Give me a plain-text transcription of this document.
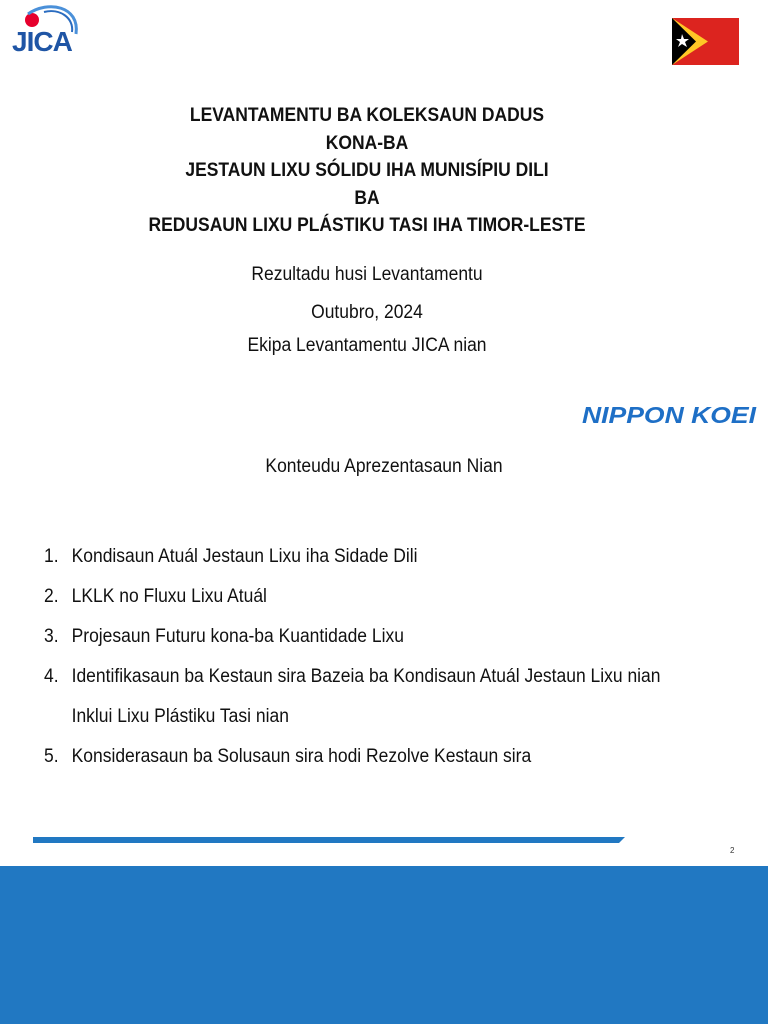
JICA
LEVANTAMENTU BA KOLEKSAUN DADUS
KONA-BA
JESTAUN LIXU SÓLIDU IHA MUNISÍPIU DILI
BA
REDUSAUN LIXU PLÁSTIKU TASI IHA TIMOR-LESTE
Rezultadu husi Levantamentu
Outubro, 2024
Ekipa Levantamentu JICA nian
NIPPON KOEI
Konteudu Aprezentasaun Nian
1. Kondisaun Atuál Jestaun Lixu iha Sidade Dili
2. LKLK no Fluxu Lixu Atuál
3. Projesaun Futuru kona-ba Kuantidade Lixu
4. Identifikasaun ba Kestaun sira Bazeia ba Kondisaun Atuál Jestaun Lixu nian
Inklui Lixu Plástiku Tasi nian
5. Konsiderasaun ba Solusaun sira hodi Rezolve Kestaun sira
2
